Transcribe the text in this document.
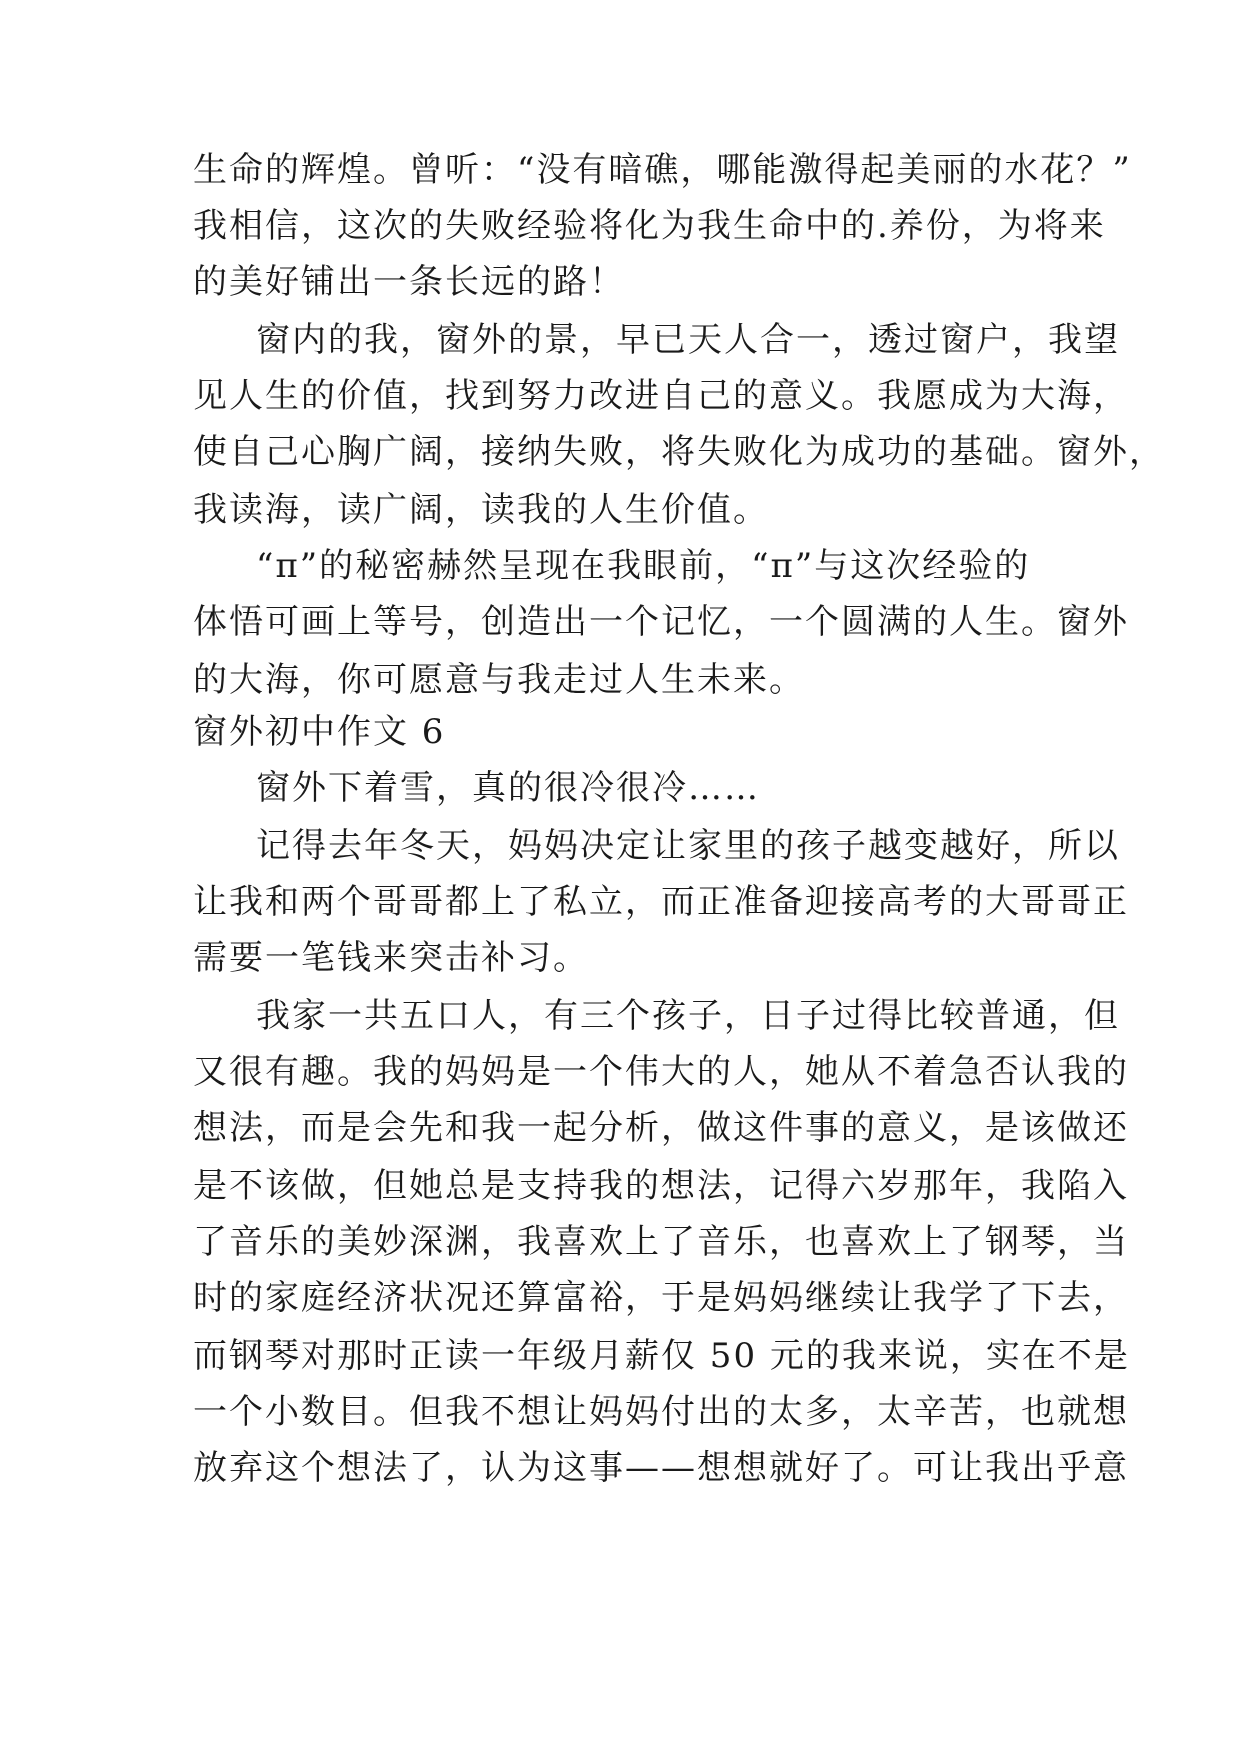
生命的辉煌。曾听：“没有暗礁，哪能激得起美丽的水花？”
我相信，这次的失败经验将化为我生命中的.养份，为将来
的美好铺出一条长远的路！
窗内的我，窗外的景，早已天人合一，透过窗户，我望
见人生的价值，找到努力改进自己的意义。我愿成为大海，
使自己心胸广阔，接纳失败，将失败化为成功的基础。窗外，
我读海，读广阔，读我的人生价值。
“π”的秘密赫然呈现在我眼前，“π”与这次经验的
体悟可画上等号，创造出一个记忆，一个圆满的人生。窗外
的大海，你可愿意与我走过人生未来。
窗外初中作文 6
窗外下着雪，真的很冷很冷……
记得去年冬天，妈妈决定让家里的孩子越变越好，所以
让我和两个哥哥都上了私立，而正准备迎接高考的大哥哥正
需要一笔钱来突击补习。
我家一共五口人，有三个孩子，日子过得比较普通，但
又很有趣。我的妈妈是一个伟大的人，她从不着急否认我的
想法，而是会先和我一起分析，做这件事的意义，是该做还
是不该做，但她总是支持我的想法，记得六岁那年，我陷入
了音乐的美妙深渊，我喜欢上了音乐，也喜欢上了钢琴，当
时的家庭经济状况还算富裕，于是妈妈继续让我学了下去，
而钢琴对那时正读一年级月薪仅 50 元的我来说，实在不是
一个小数目。但我不想让妈妈付出的太多，太辛苦，也就想
放弃这个想法了，认为这事——想想就好了。可让我出乎意
